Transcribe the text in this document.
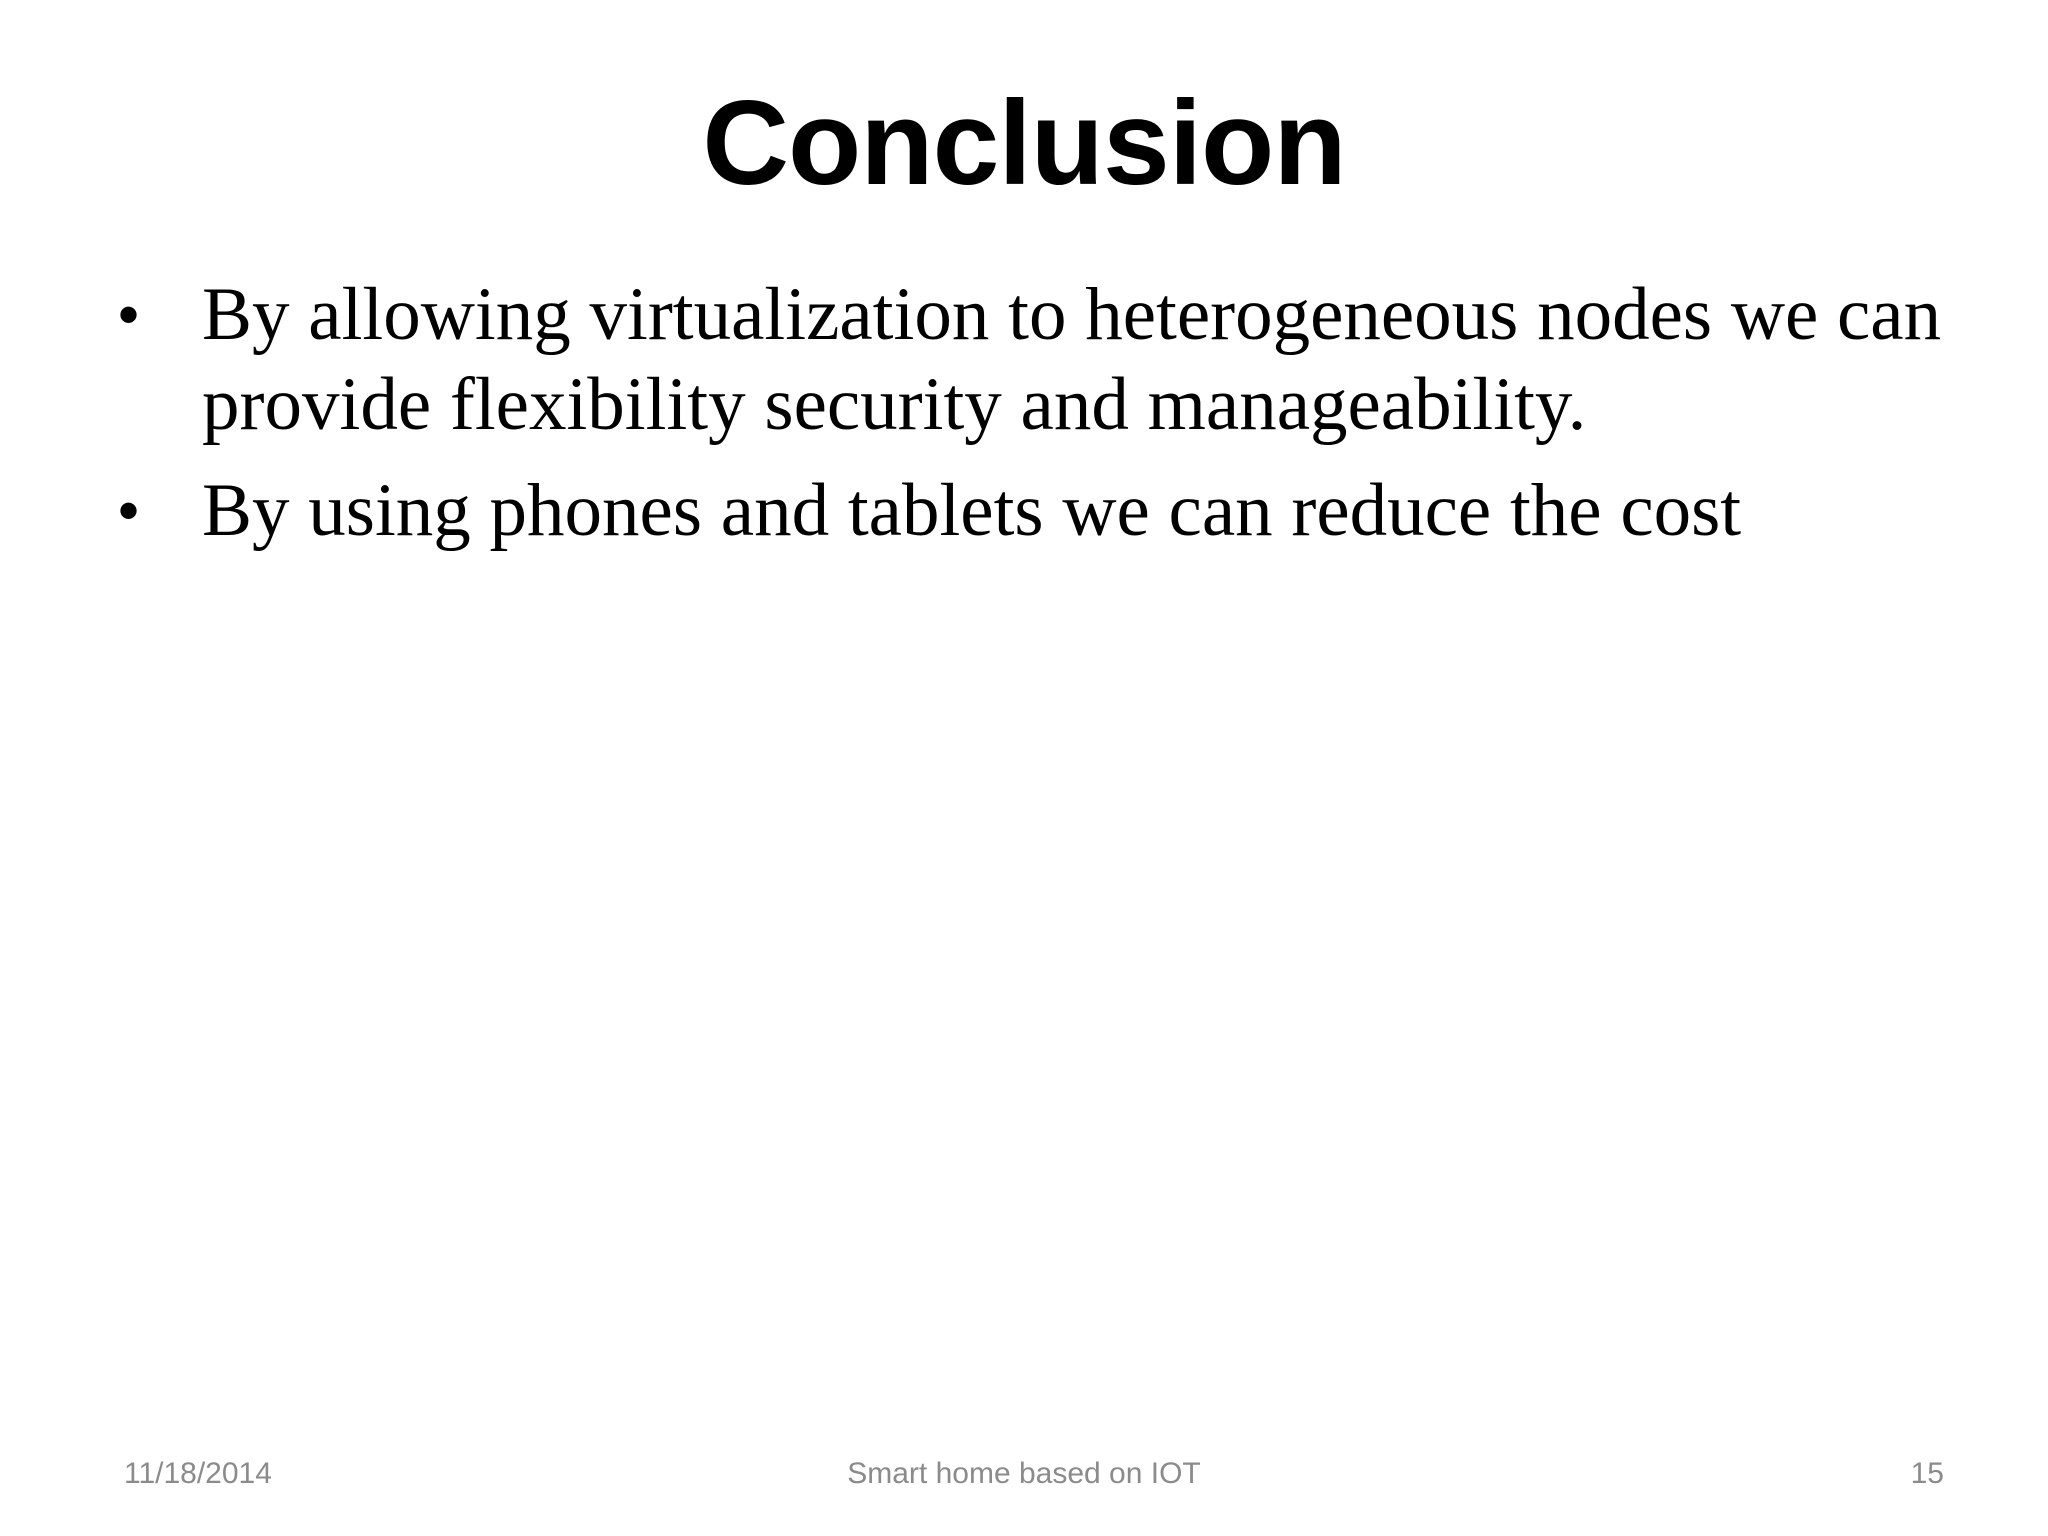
Conclusion
• By allowing virtualization to heterogeneous nodes we can provide flexibility security and manageability.
• By using phones and tablets we can reduce the cost
11/18/2014	Smart home based on IOT	15
